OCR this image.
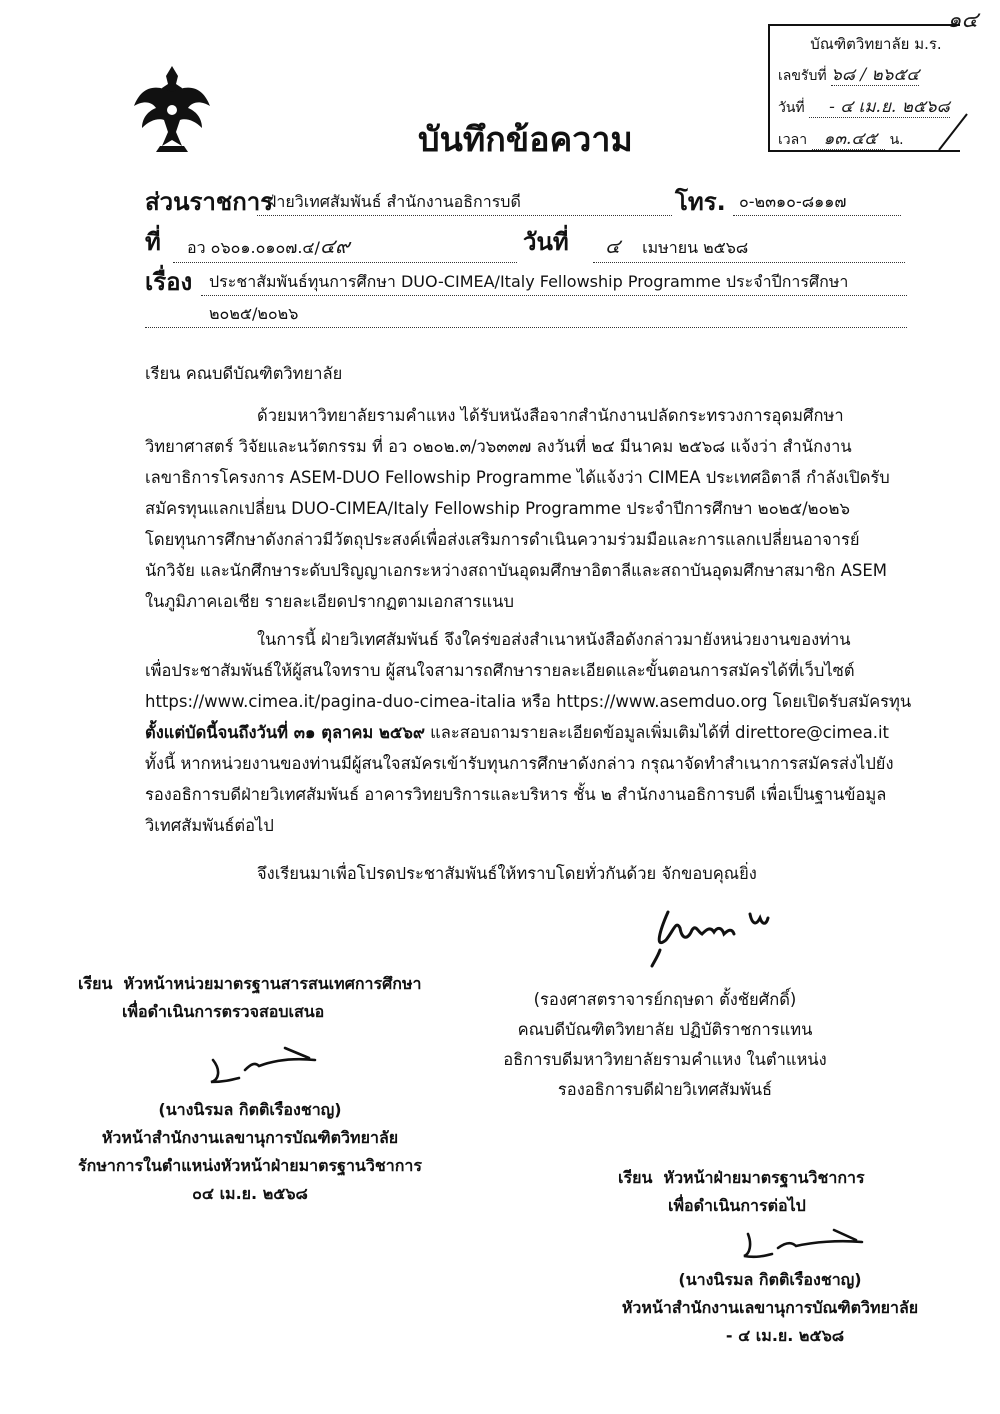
๑๔
บัณฑิตวิทยาลัย ม.ร.
เลขรับที่ ๖๘ / ๒๖๕๔
วันที่ - ๔ เม.ย. ๒๕๖๘
เวลา ๑๓.๔๕ น.
บันทึกข้อความ
ส่วนราชการ
ฝ่ายวิเทศสัมพันธ์ สำนักงานอธิการบดี	โทร. ๐-๒๓๑๐-๘๑๑๗
ที่	อว ๐๖๐๑.๐๑๐๗.๔/๔๙	วันที่	๔ เมษายน ๒๕๖๘
เรื่อง	ประชาสัมพันธ์ทุนการศึกษา DUO-CIMEA/Italy Fellowship Programme ประจำปีการศึกษา
๒๐๒๕/๒๐๒๖
เรียน คณบดีบัณฑิตวิทยาลัย
ด้วยมหาวิทยาลัยรามคำแหง ได้รับหนังสือจากสำนักงานปลัดกระทรวงการอุดมศึกษา
วิทยาศาสตร์ วิจัยและนวัตกรรม ที่ อว ๐๒๐๒.๓/ว๖๓๓๗ ลงวันที่ ๒๔ มีนาคม ๒๕๖๘ แจ้งว่า สำนักงาน
เลขาธิการโครงการ ASEM-DUO Fellowship Programme ได้แจ้งว่า CIMEA ประเทศอิตาลี กำลังเปิดรับ
สมัครทุนแลกเปลี่ยน DUO-CIMEA/Italy Fellowship Programme ประจำปีการศึกษา ๒๐๒๕/๒๐๒๖
โดยทุนการศึกษาดังกล่าวมีวัตถุประสงค์เพื่อส่งเสริมการดำเนินความร่วมมือและการแลกเปลี่ยนอาจารย์
นักวิจัย และนักศึกษาระดับปริญญาเอกระหว่างสถาบันอุดมศึกษาอิตาลีและสถาบันอุดมศึกษาสมาชิก ASEM
ในภูมิภาคเอเชีย รายละเอียดปรากฏตามเอกสารแนบ
ในการนี้ ฝ่ายวิเทศสัมพันธ์ จึงใคร่ขอส่งสำเนาหนังสือดังกล่าวมายังหน่วยงานของท่าน
เพื่อประชาสัมพันธ์ให้ผู้สนใจทราบ ผู้สนใจสามารถศึกษารายละเอียดและขั้นตอนการสมัครได้ที่เว็บไซต์
https://www.cimea.it/pagina-duo-cimea-italia หรือ https://www.asemduo.org โดยเปิดรับสมัครทุน
ตั้งแต่บัดนี้จนถึงวันที่ ๓๑ ตุลาคม ๒๕๖๙ และสอบถามรายละเอียดข้อมูลเพิ่มเติมได้ที่ direttore@cimea.it
ทั้งนี้ หากหน่วยงานของท่านมีผู้สนใจสมัครเข้ารับทุนการศึกษาดังกล่าว กรุณาจัดทำสำเนาการสมัครส่งไปยัง
รองอธิการบดีฝ่ายวิเทศสัมพันธ์ อาคารวิทยบริการและบริหาร ชั้น ๒ สำนักงานอธิการบดี เพื่อเป็นฐานข้อมูล
วิเทศสัมพันธ์ต่อไป
จึงเรียนมาเพื่อโปรดประชาสัมพันธ์ให้ทราบโดยทั่วกันด้วย จักขอบคุณยิ่ง
(รองศาสตราจารย์กฤษดา ตั้งชัยศักดิ์)
คณบดีบัณฑิตวิทยาลัย ปฏิบัติราชการแทน
อธิการบดีมหาวิทยาลัยรามคำแหง ในตำแหน่ง
รองอธิการบดีฝ่ายวิเทศสัมพันธ์
เรียน หัวหน้าหน่วยมาตรฐานสารสนเทศการศึกษา
เพื่อดำเนินการตรวจสอบเสนอ
(นางนิรมล กิตติเรืองชาญ)
หัวหน้าสำนักงานเลขานุการบัณฑิตวิทยาลัย
รักษาการในตำแหน่งหัวหน้าฝ่ายมาตรฐานวิชาการ
๐๔ เม.ย. ๒๕๖๘
เรียน หัวหน้าฝ่ายมาตรฐานวิชาการ
เพื่อดำเนินการต่อไป
(นางนิรมล กิตติเรืองชาญ)
หัวหน้าสำนักงานเลขานุการบัณฑิตวิทยาลัย
- ๔ เม.ย. ๒๕๖๘
